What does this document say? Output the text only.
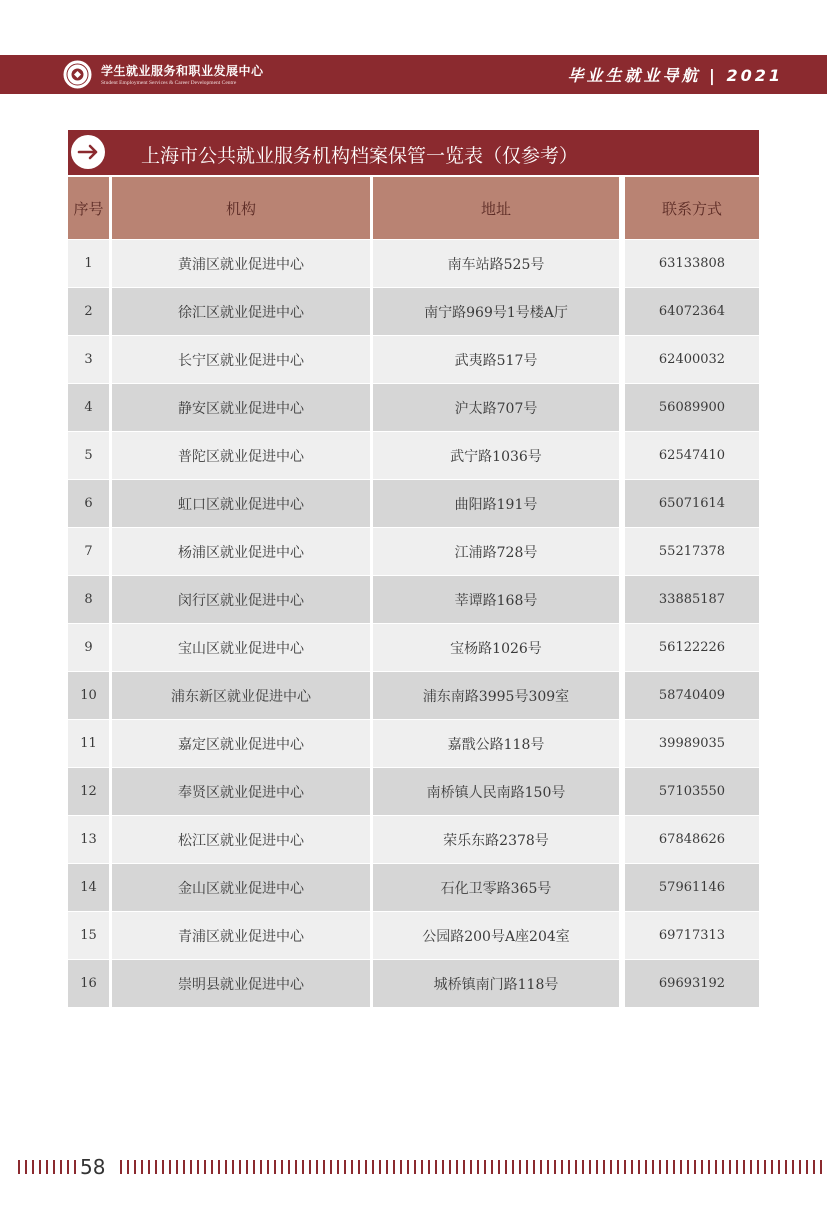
学生就业服务和职业发展中心
Student Employment Services & Career Development Centre	毕业生就业导航 | 2021
上海市公共就业服务机构档案保管一览表（仅参考）
序号	机构	地址	联系方式
1	黄浦区就业促进中心	南车站路525号	63133808
2	徐汇区就业促进中心	南宁路969号1号楼A厅	64072364
3	长宁区就业促进中心	武夷路517号	62400032
4	静安区就业促进中心	沪太路707号	56089900
5	普陀区就业促进中心	武宁路1036号	62547410
6	虹口区就业促进中心	曲阳路191号	65071614
7	杨浦区就业促进中心	江浦路728号	55217378
8	闵行区就业促进中心	莘谭路168号	33885187
9	宝山区就业促进中心	宝杨路1026号	56122226
10	浦东新区就业促进中心	浦东南路3995号309室	58740409
11	嘉定区就业促进中心	嘉戬公路118号	39989035
12	奉贤区就业促进中心	南桥镇人民南路150号	57103550
13	松江区就业促进中心	荣乐东路2378号	67848626
14	金山区就业促进中心	石化卫零路365号	57961146
15	青浦区就业促进中心	公园路200号A座204室	69717313
16	崇明县就业促进中心	城桥镇南门路118号	69693192
58
